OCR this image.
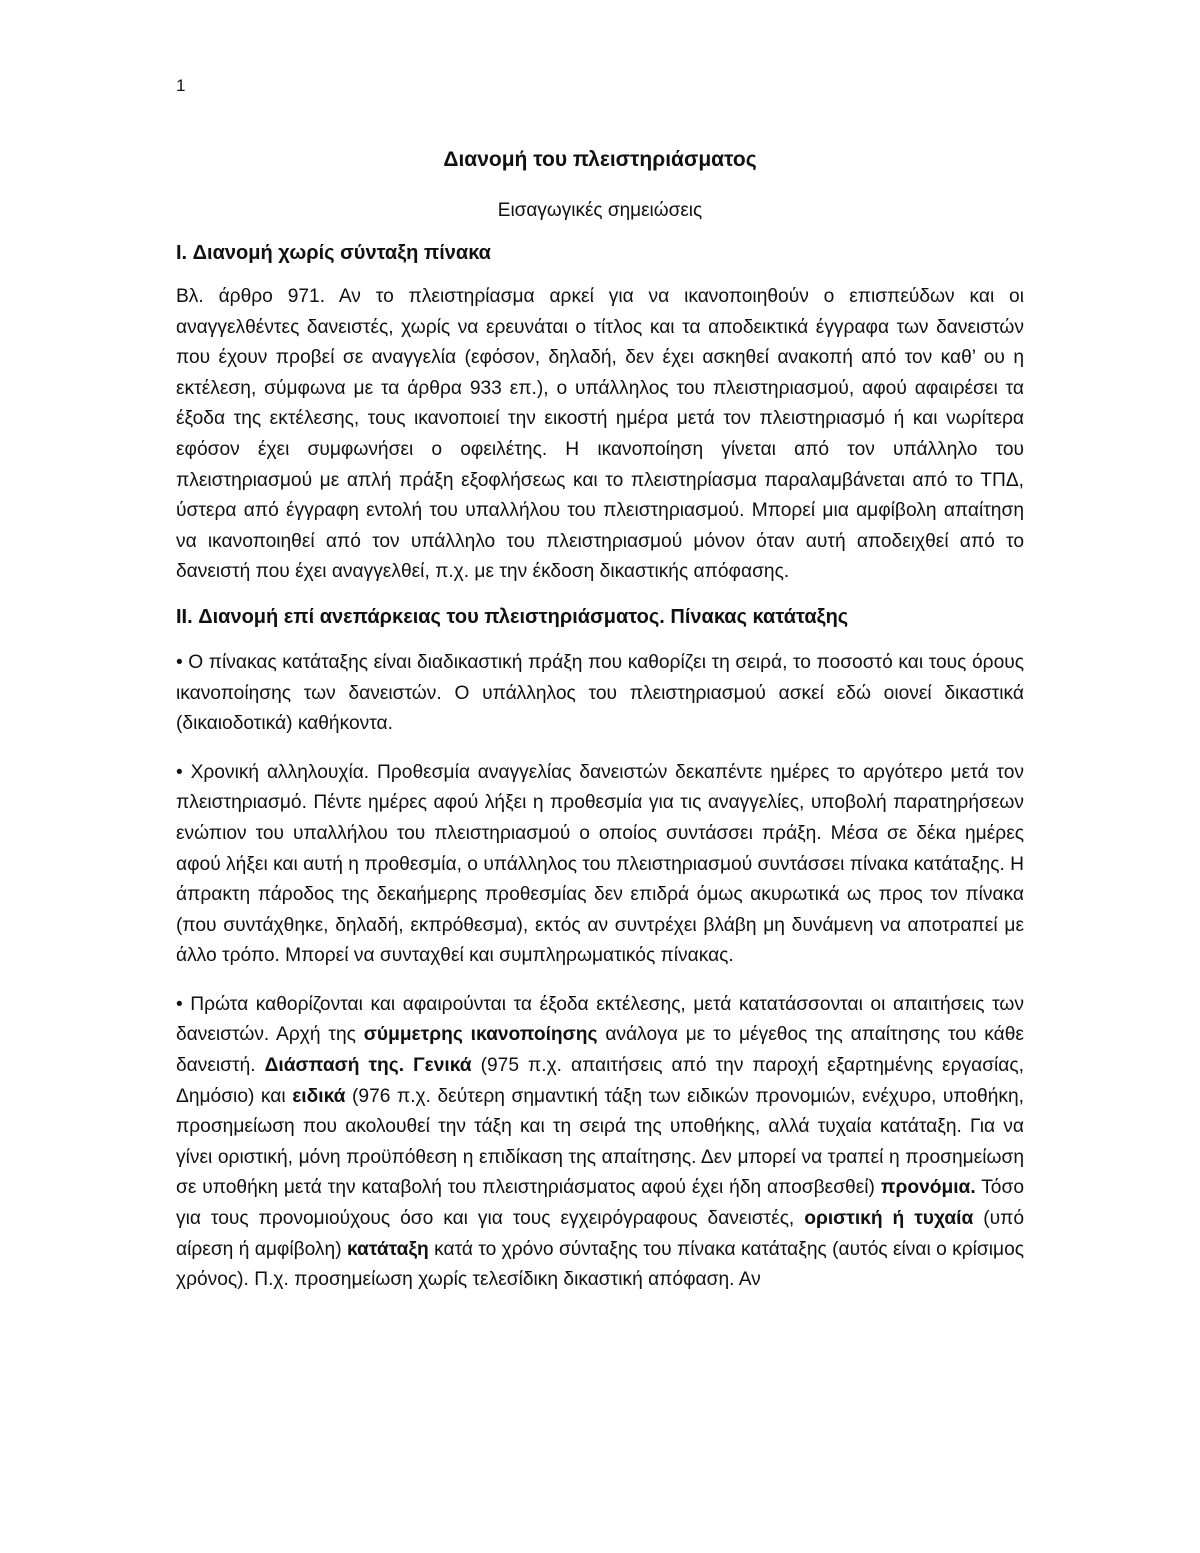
1
Διανομή του πλειστηριάσματος

Εισαγωγικές σημειώσεις

I. Διανομή χωρίς σύνταξη πίνακα

Βλ. άρθρο 971. Αν το πλειστηρίασμα αρκεί για να ικανοποιηθούν ο επισπεύδων και οι αναγγελθέντες δανειστές, χωρίς να ερευνάται ο τίτλος και τα αποδεικτικά έγγραφα των δανειστών που έχουν προβεί σε αναγγελία (εφόσον, δηλαδή, δεν έχει ασκηθεί ανακοπή από τον καθ’ ου η εκτέλεση, σύμφωνα με τα άρθρα 933 επ.), ο υπάλληλος του πλειστηριασμού, αφού αφαιρέσει τα έξοδα της εκτέλεσης, τους ικανοποιεί την εικοστή ημέρα μετά τον πλειστηριασμό ή και νωρίτερα εφόσον έχει συμφωνήσει ο οφειλέτης. Η ικανοποίηση γίνεται από τον υπάλληλο του πλειστηριασμού με απλή πράξη εξοφλήσεως και το πλειστηρίασμα παραλαμβάνεται από το ΤΠΔ, ύστερα από έγγραφη εντολή του υπαλλήλου του πλειστηριασμού. Μπορεί μια αμφίβολη απαίτηση να ικανοποιηθεί από τον υπάλληλο του πλειστηριασμού μόνον όταν αυτή αποδειχθεί από το δανειστή που έχει αναγγελθεί, π.χ. με την έκδοση δικαστικής απόφασης.

II. Διανομή επί ανεπάρκειας του πλειστηριάσματος. Πίνακας κατάταξης

• Ο πίνακας κατάταξης είναι διαδικαστική πράξη που καθορίζει τη σειρά, το ποσοστό και τους όρους ικανοποίησης των δανειστών. Ο υπάλληλος του πλειστηριασμού ασκεί εδώ οιονεί δικαστικά (δικαιοδοτικά) καθήκοντα.

• Χρονική αλληλουχία. Προθεσμία αναγγελίας δανειστών δεκαπέντε ημέρες το αργότερο μετά τον πλειστηριασμό. Πέντε ημέρες αφού λήξει η προθεσμία για τις αναγγελίες, υποβολή παρατηρήσεων ενώπιον του υπαλλήλου του πλειστηριασμού ο οποίος συντάσσει πράξη. Μέσα σε δέκα ημέρες αφού λήξει και αυτή η προθεσμία, ο υπάλληλος του πλειστηριασμού συντάσσει πίνακα κατάταξης. Η άπρακτη πάροδος της δεκαήμερης προθεσμίας δεν επιδρά όμως ακυρωτικά ως προς τον πίνακα (που συντάχθηκε, δηλαδή, εκπρόθεσμα), εκτός αν συντρέχει βλάβη μη δυνάμενη να αποτραπεί με άλλο τρόπο. Μπορεί να συνταχθεί και συμπληρωματικός πίνακας.

• Πρώτα καθορίζονται και αφαιρούνται τα έξοδα εκτέλεσης, μετά κατατάσσονται οι απαιτήσεις των δανειστών. Αρχή της σύμμετρης ικανοποίησης ανάλογα με το μέγεθος της απαίτησης του κάθε δανειστή. Διάσπασή της. Γενικά (975 π.χ. απαιτήσεις από την παροχή εξαρτημένης εργασίας, Δημόσιο) και ειδικά (976 π.χ. δεύτερη σημαντική τάξη των ειδικών προνομιών, ενέχυρο, υποθήκη, προσημείωση που ακολουθεί την τάξη και τη σειρά της υποθήκης, αλλά τυχαία κατάταξη. Για να γίνει οριστική, μόνη προϋπόθεση η επιδίκαση της απαίτησης. Δεν μπορεί να τραπεί η προσημείωση σε υποθήκη μετά την καταβολή του πλειστηριάσματος αφού έχει ήδη αποσβεσθεί) προνόμια. Τόσο για τους προνομιούχους όσο και για τους εγχειρόγραφους δανειστές, οριστική ή τυχαία (υπό αίρεση ή αμφίβολη) κατάταξη κατά το χρόνο σύνταξης του πίνακα κατάταξης (αυτός είναι ο κρίσιμος χρόνος). Π.χ. προσημείωση χωρίς τελεσίδικη δικαστική απόφαση. Αν
